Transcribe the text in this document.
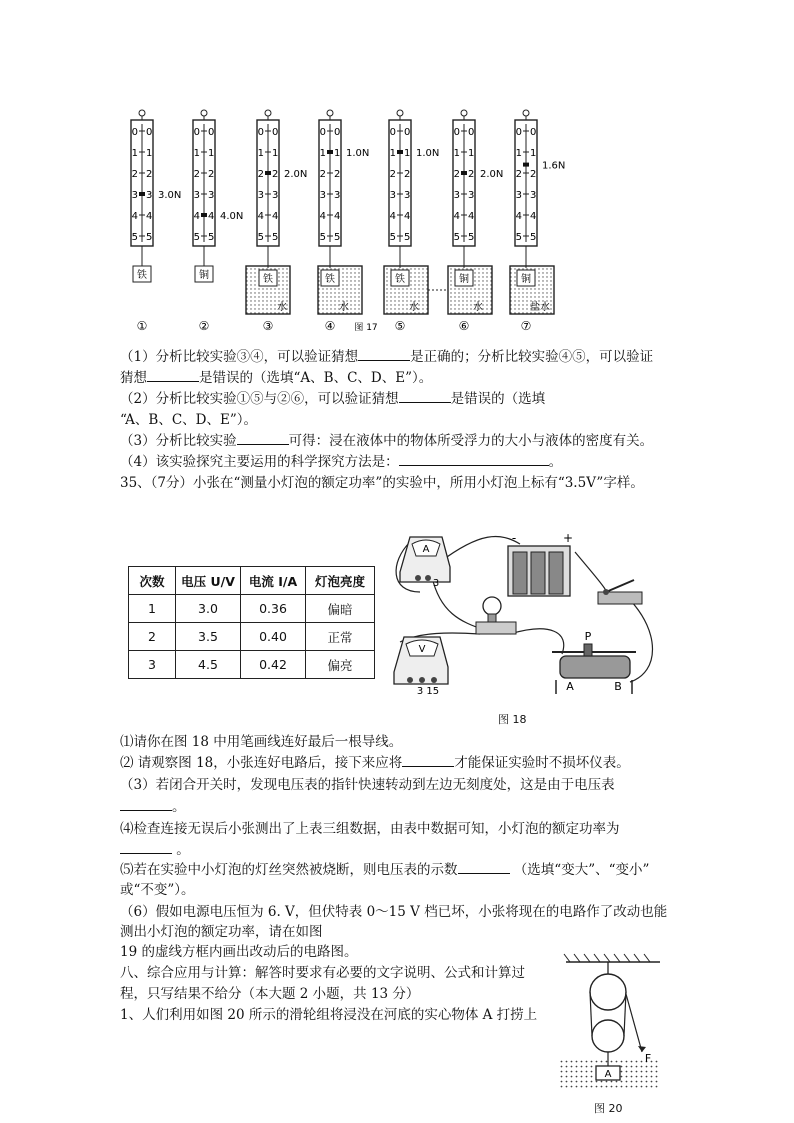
0 0
1 1
2 2
3 3
4 4
5 5
3.0N
铁
①
0 0
1 1
2 2
3 3
4 4
5 5
4.0N
铜
②
0 0
1 1
2 2
3 3
4 4
5 5
2.0N
铁
水
③
0 0
1 1
2 2
3 3
4 4
5 5
1.0N
铁
水
④
0 0
1 1
2 2
3 3
4 4
5 5
1.0N
铁
水
⑤
0 0
1 1
2 2
3 3
4 4
5 5
2.0N
铜
水
⑥
0 0
1 1
2 2
3 3
4 4
5 5
1.6N
铜
盐水
⑦
图 17
（1）分析比较实验③④，可以验证猜想	是正确的；分析比较实验④⑤，可以验证
猜想	是错误的（选填“A、B、C、D、E”）。
（2）分析比较实验①⑤与②⑥，可以验证猜想	是错误的（选填
“A、B、C、D、E”）。
（3）分析比较实验	可得：浸在液体中的物体所受浮力的大小与液体的密度有关。
（4）该实验探究主要运用的科学探究方法是：	。
35、（7分）小张在“测量小灯泡的额定功率”的实验中，所用小灯泡上标有“3.5V”字样。
次数	电压 U/V	电流 I/A	灯泡亮度
1	3.0	0.36	偏暗
2	3.5	0.40	正常
3	4.5	0.42	偏亮
A
V
P
A	B
-	+
3
3 15
图 18
⑴请你在图 18 中用笔画线连好最后一根导线。
⑵ 请观察图 18，小张连好电路后，接下来应将	才能保证实验时不损坏仪表。
（3）若闭合开关时，发现电压表的指针快速转动到左边无刻度处，这是由于电压表
。
⑷检查连接无误后小张测出了上表三组数据，由表中数据可知，小灯泡的额定功率为
。
⑸若在实验中小灯泡的灯丝突然被烧断，则电压表的示数	（选填“变大”、“变小”
或“不变”）。
（6）假如电源电压恒为 6. V，但伏特表 0～15 V 档已坏，小张将现在的电路作了改动也能
测出小灯泡的额定功率，请在如图
19 的虚线方框内画出改动后的电路图。
八、综合应用与计算：解答时要求有必要的文字说明、公式和计算过
程，只写结果不给分（本大题 2 小题，共 13 分）
1、人们利用如图 20 所示的滑轮组将浸没在河底的实心物体 A 打捞上
A
F
图 20
